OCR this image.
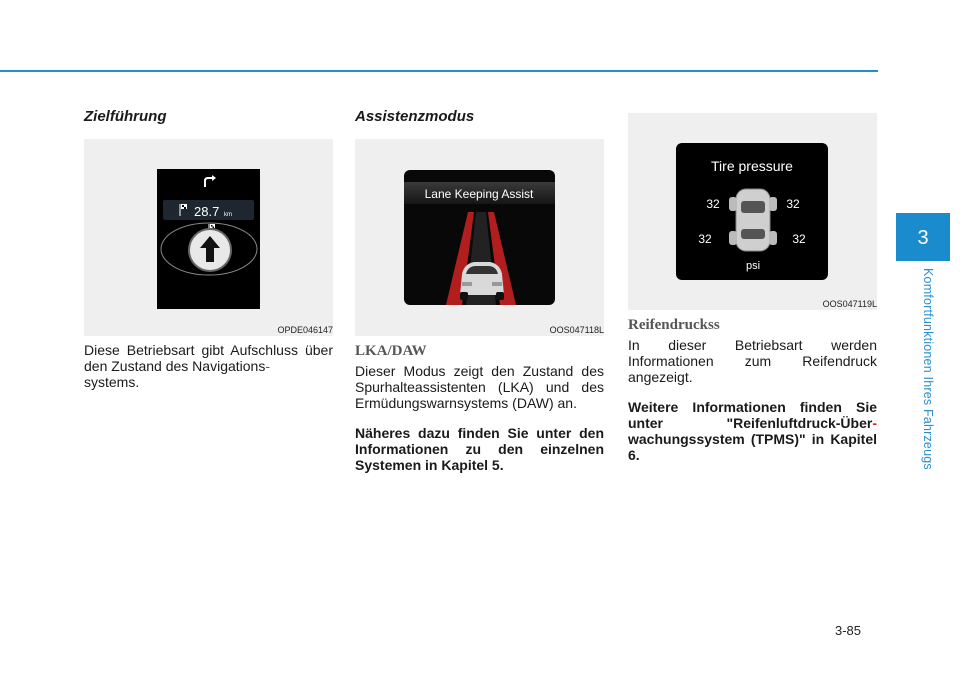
Zielführung
28.7 km
OPDE046147

Diese Betriebsart gibt Aufschluss über den Zustand des Navigations-
systems.

Assistenzmodus
Lane Keeping Assist
OOS047118L
LKA/DAW

Dieser Modus zeigt den Zustand des Spurhalteassistenten (LKA) und des Ermüdungswarnsystems (DAW) an.

Näheres dazu finden Sie unter den Informationen zu den einzelnen Systemen in Kapitel 5.

Tire pressure
32	32
32	32
psi
OOS047119L
Reifendruckss

In dieser Betriebsart werden Informationen zum Reifendruck angezeigt.

Weitere Informationen finden Sie unter "Reifenluftdruck-Über- wachungssystem (TPMS)" in Kapitel 6.

3
Komfortfunktionen Ihres Fahrzeugs
3-85
